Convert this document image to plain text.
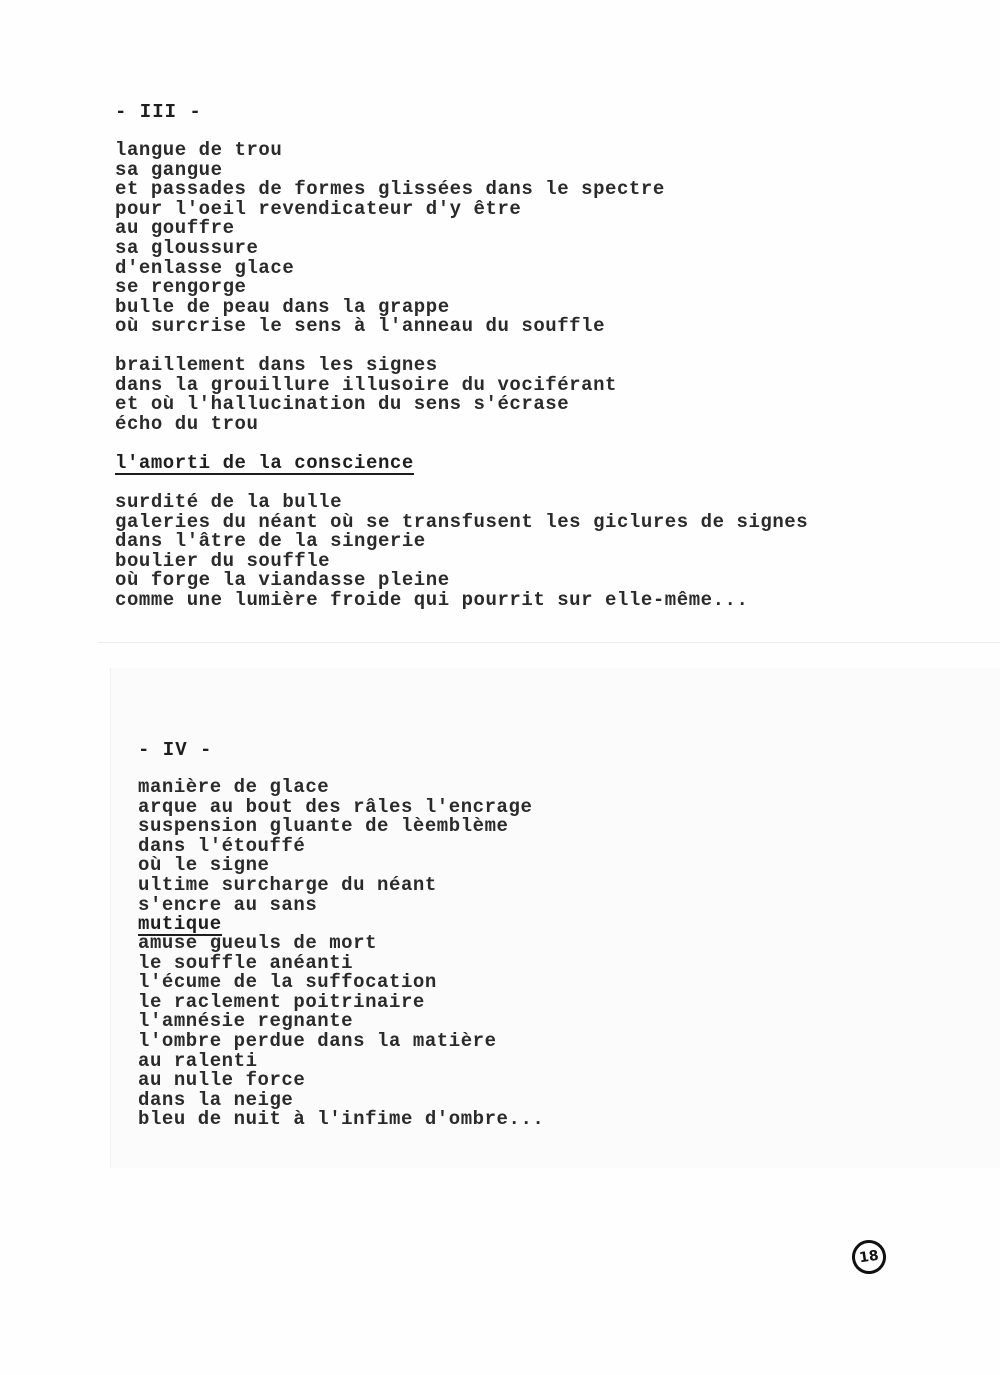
- III -
langue de trou
sa gangue
et passades de formes glissées dans le spectre
pour l'oeil revendicateur d'y être
au gouffre
sa gloussure
d'enlasse glace
se rengorge
bulle de peau dans la grappe
où surcrise le sens à l'anneau du souffle
braillement dans les signes
dans la grouillure illusoire du vociférant
et où l'hallucination du sens s'écrase
écho du trou
l'amorti de la conscience
surdité de la bulle
galeries du néant où se transfusent les giclures de signes
dans l'âtre de la singerie
boulier du souffle
où forge la viandasse pleine
comme une lumière froide qui pourrit sur elle-même...
- IV -
manière de glace
arque au bout des râles l'encrage
suspension gluante de lèemblème
dans l'étouffé
où le signe
ultime surcharge du néant
s'encre au sans
mutique
amuse gueuls de mort
le souffle anéanti
l'écume de la suffocation
le raclement poitrinaire
l'amnésie regnante
l'ombre perdue dans la matière
au ralenti
au nulle force
dans la neige
bleu de nuit à l'infime d'ombre...
18
